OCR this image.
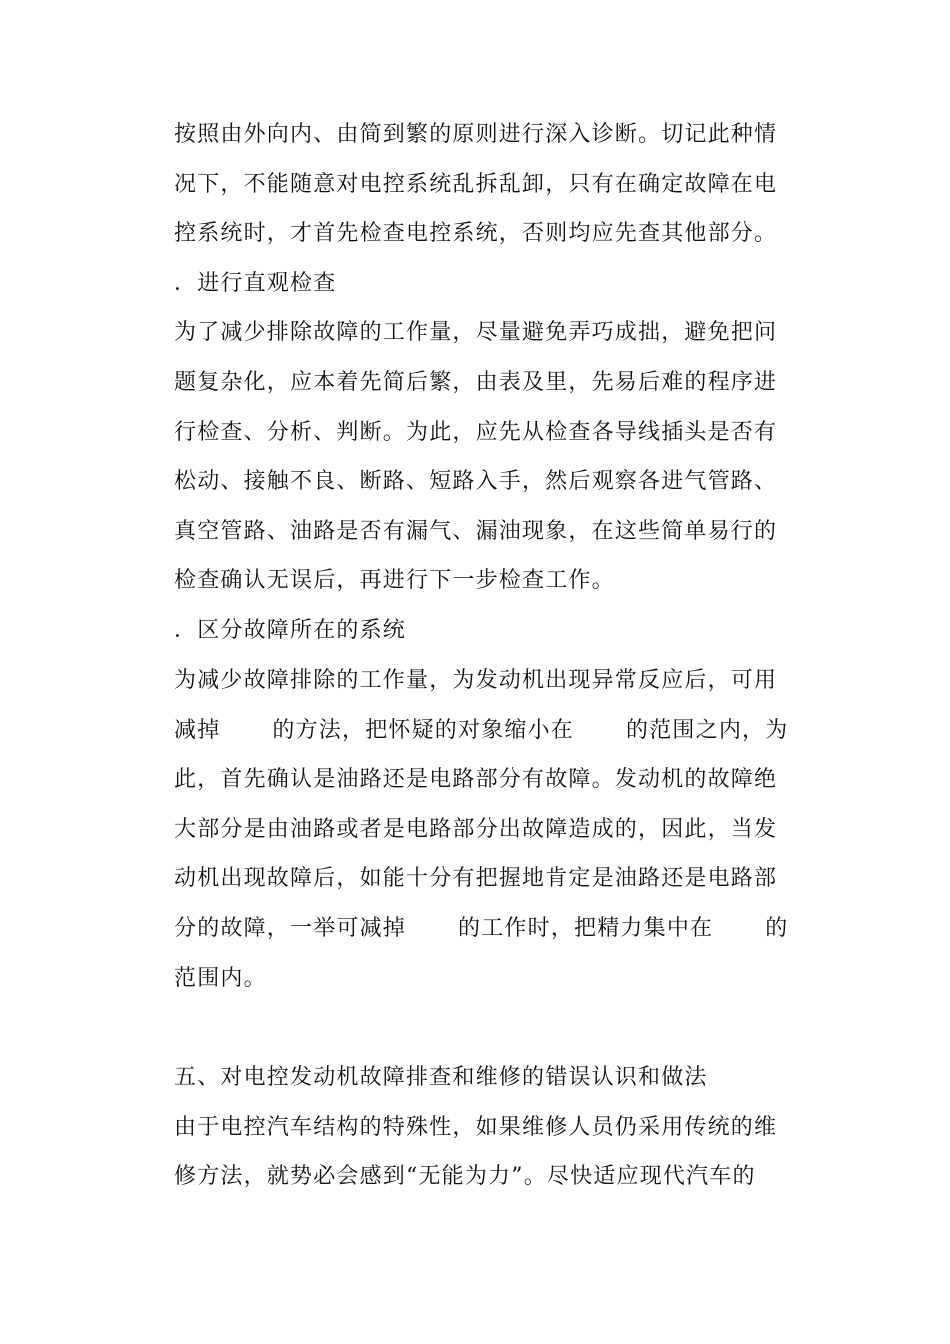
按照由外向内、由简到繁的原则进行深入诊断。切记此种情
况下，不能随意对电控系统乱拆乱卸，只有在确定故障在电
控系统时，才首先检查电控系统，否则均应先查其他部分。
．进行直观检查
为了减少排除故障的工作量，尽量避免弄巧成拙，避免把问
题复杂化，应本着先简后繁，由表及里，先易后难的程序进
行检查、分析、判断。为此，应先从检查各导线插头是否有
松动、接触不良、断路、短路入手，然后观察各进气管路、
真空管路、油路是否有漏气、漏油现象，在这些简单易行的
检查确认无误后，再进行下一步检查工作。
．区分故障所在的系统
为减少故障排除的工作量，为发动机出现异常反应后，可用
减掉 的方法，把怀疑的对象缩小在 的范围之内，为
此，首先确认是油路还是电路部分有故障。发动机的故障绝
大部分是由油路或者是电路部分出故障造成的，因此，当发
动机出现故障后，如能十分有把握地肯定是油路还是电路部
分的故障，一举可减掉 的工作时，把精力集中在 的
范围内。
五、对电控发动机故障排查和维修的错误认识和做法
由于电控汽车结构的特殊性，如果维修人员仍采用传统的维
修方法，就势必会感到“无能为力”。尽快适应现代汽车的
